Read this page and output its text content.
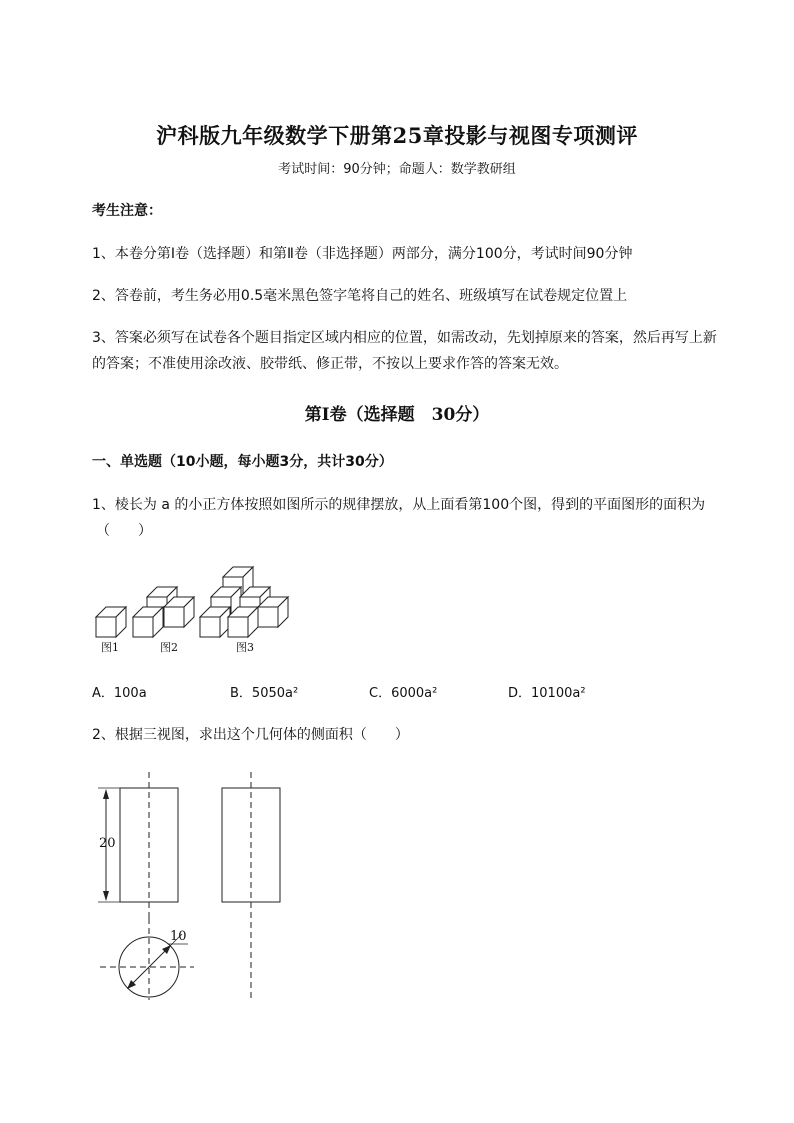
沪科版九年级数学下册第25章投影与视图专项测评
考试时间：90分钟；命题人：数学教研组
考生注意：
1、本卷分第I卷（选择题）和第Ⅱ卷（非选择题）两部分，满分100分，考试时间90分钟
2、答卷前，考生务必用0.5毫米黑色签字笔将自己的姓名、班级填写在试卷规定位置上
3、答案必须写在试卷各个题目指定区域内相应的位置，如需改动，先划掉原来的答案，然后再写上新
的答案；不准使用涂改液、胶带纸、修正带，不按以上要求作答的答案无效。
第I卷（选择题　30分）
一、单选题（10小题，每小题3分，共计30分）
1、棱长为 a 的小正方体按照如图所示的规律摆放，从上面看第100个图，得到的平面图形的面积为
（　　）
图1	图2	图3
A．100a	B．5050a²	C．6000a²	D．10100a²
2、根据三视图，求出这个几何体的侧面积（　　）
20
10
